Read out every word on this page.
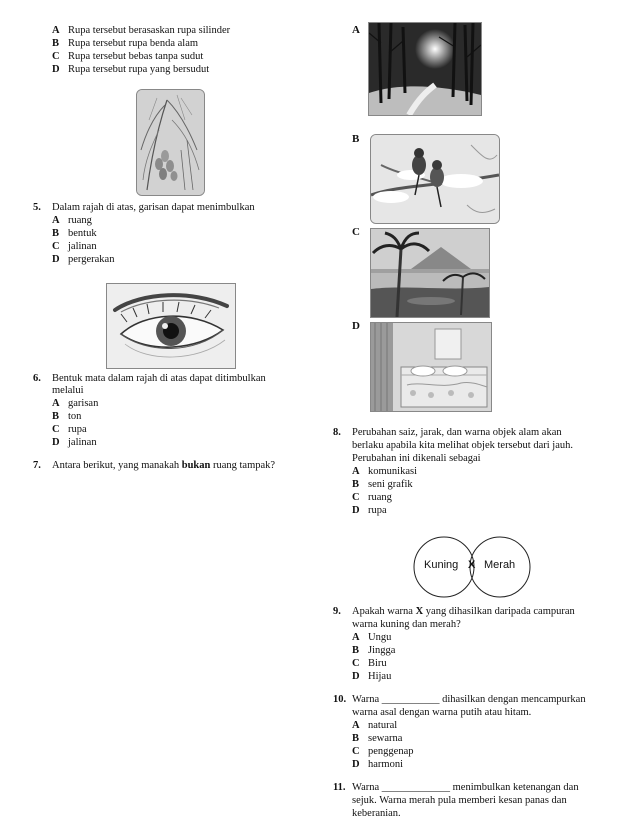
A Rupa tersebut berasaskan rupa silinder
B Rupa tersebut rupa benda alam
C Rupa tersebut bebas tanpa sudut
D Rupa tersebut rupa yang bersudut
5. Dalam rajah di atas, garisan dapat menimbulkan
A ruang
B bentuk
C jalinan
D pergerakan
6. Bentuk mata dalam rajah di atas dapat ditimbulkan
melalui
A garisan
B ton
C rupa
D jalinan
7. Antara berikut, yang manakah bukan ruang tampak?
A
B
C
D
8. Perubahan saiz, jarak, dan warna objek alam akan
berlaku apabila kita melihat objek tersebut dari jauh.
Perubahan ini dikenali sebagai
A komunikasi
B seni grafik
C ruang
D rupa
Kuning X Merah
9. Apakah warna X yang dihasilkan daripada campuran
warna kuning dan merah?
A Ungu
B Jingga
C Biru
D Hijau
10. Warna ___________ dihasilkan dengan mencampurkan
warna asal dengan warna putih atau hitam.
A natural
B sewarna
C penggenap
D harmoni
11. Warna _____________ menimbulkan ketenangan dan
sejuk. Warna merah pula memberi kesan panas dan
keberanian.
